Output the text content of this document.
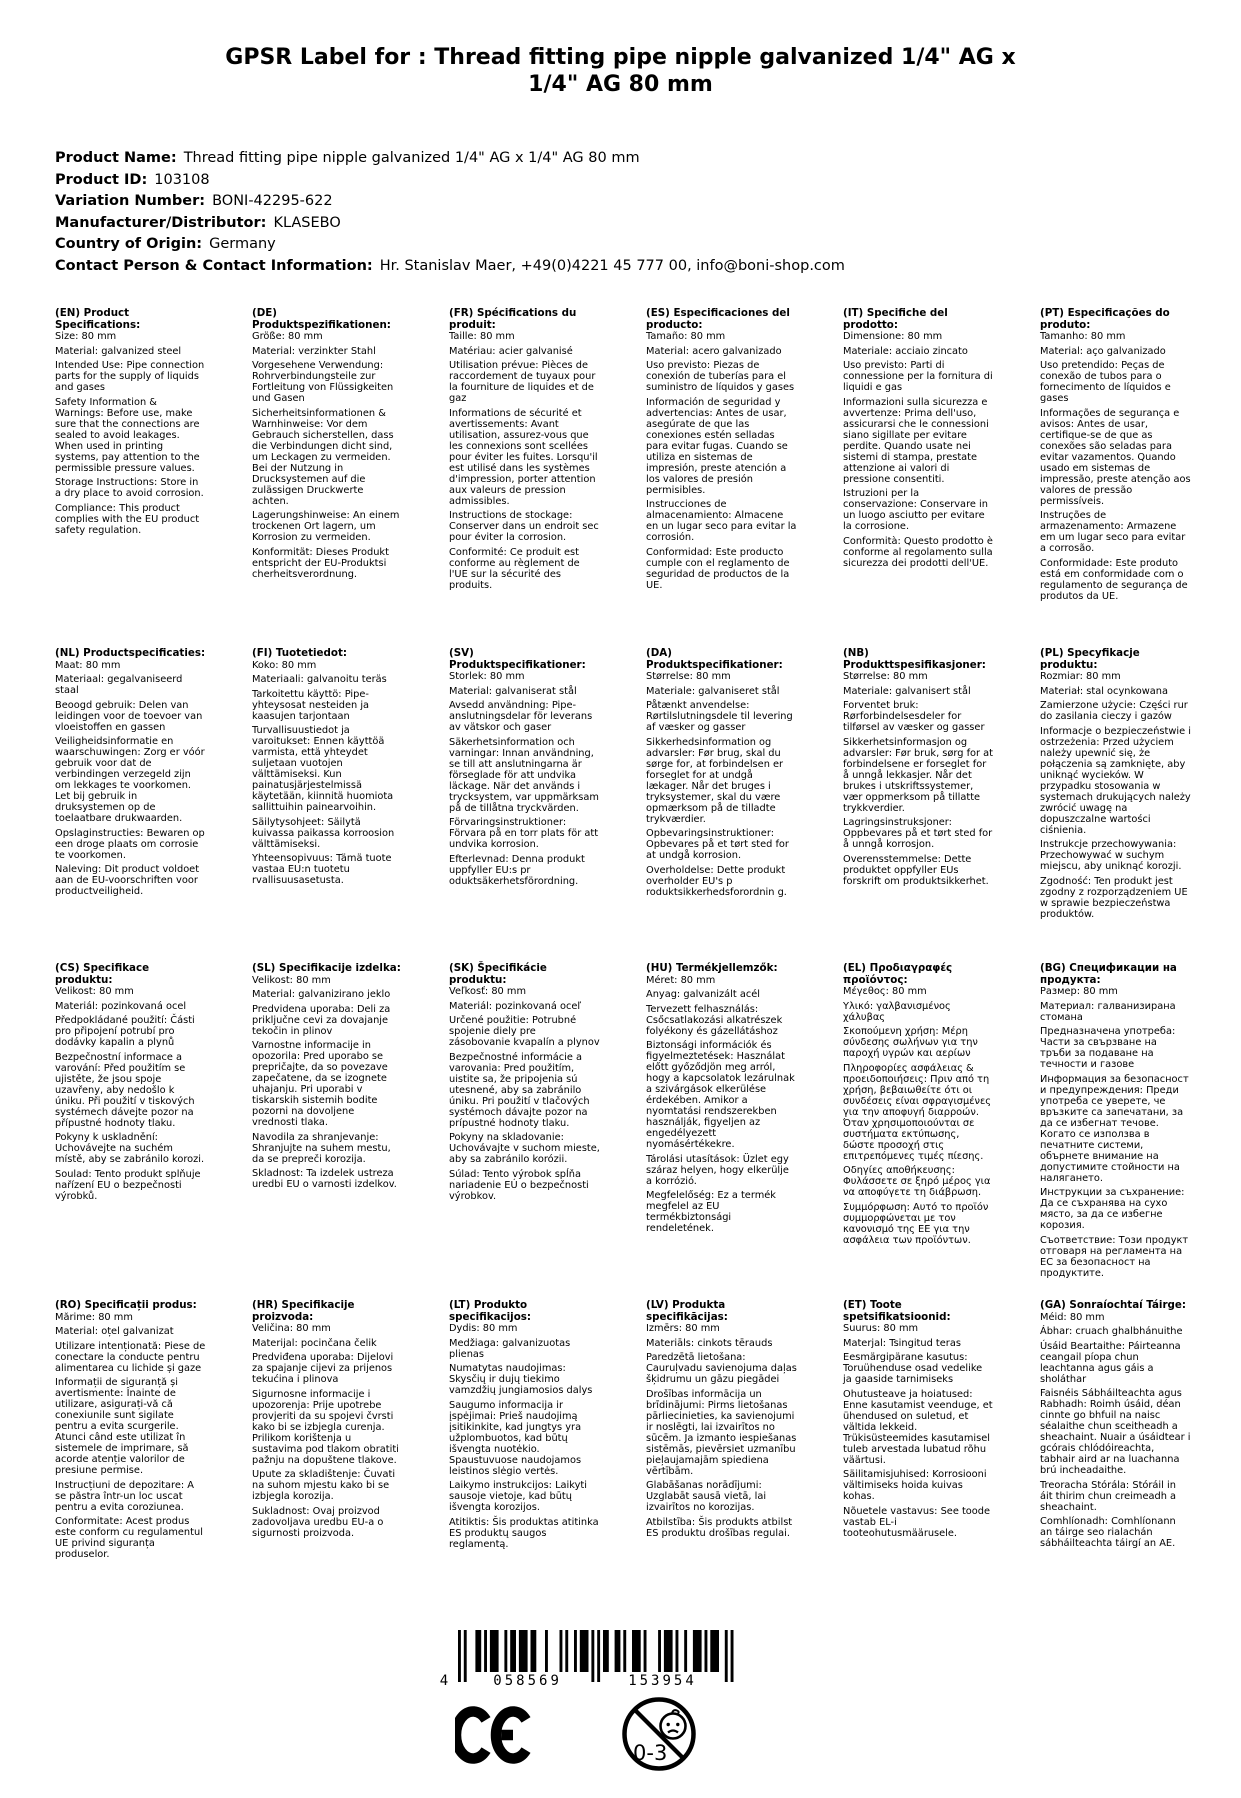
GPSR Label for : Thread fitting pipe nipple galvanized 1/4" AG x
1/4" AG 80 mm
Product Name: Thread fitting pipe nipple galvanized 1/4" AG x 1/4" AG 80 mm
Product ID: 103108
Variation Number: BONI-42295-622
Manufacturer/Distributor: KLASEBO
Country of Origin: Germany
Contact Person & Contact Information: Hr. Stanislav Maer, +49(0)4221 45 777 00, info@boni-shop.com
(EN) Product Specifications:

Size: 80 mm

Material: galvanized steel

Intended Use: Pipe connection parts for the supply of liquids and gases

Safety Information & Warnings: Before use, make sure that the connections are sealed to avoid leakages. When used in printing systems, pay attention to the permissible pressure values.

Storage Instructions: Store in a dry place to avoid corrosion.

Compliance: This product complies with the EU product safety regulation.

(DE) Produktspezifikationen:

Größe: 80 mm

Material: verzinkter Stahl

Vorgesehene Verwendung: Rohrverbindungsteile zur Fortleitung von Flüssigkeiten und Gasen

Sicherheitsinformationen & Warnhinweise: Vor dem Gebrauch sicherstellen, dass die Verbindungen dicht sind, um Leckagen zu vermeiden. Bei der Nutzung in Drucksystemen auf die zulässigen Druckwerte achten.

Lagerungshinweise: An einem trockenen Ort lagern, um Korrosion zu vermeiden.

Konformität: Dieses Produkt entspricht der EU-Produktsi cherheitsverordnung.

(FR) Spécifications du produit:

Taille: 80 mm

Matériau: acier galvanisé

Utilisation prévue: Pièces de raccordement de tuyaux pour la fourniture de liquides et de gaz

Informations de sécurité et avertissements: Avant utilisation, assurez-vous que les connexions sont scellées pour éviter les fuites. Lorsqu'il est utilisé dans les systèmes d'impression, porter attention aux valeurs de pression admissibles.

Instructions de stockage: Conserver dans un endroit sec pour éviter la corrosion.

Conformité: Ce produit est conforme au règlement de l'UE sur la sécurité des produits.

(ES) Especificaciones del producto:

Tamaño: 80 mm

Material: acero galvanizado

Uso previsto: Piezas de conexión de tuberías para el suministro de líquidos y gases

Información de seguridad y advertencias: Antes de usar, asegúrate de que las conexiones estén selladas para evitar fugas. Cuando se utiliza en sistemas de impresión, preste atención a los valores de presión permisibles.

Instrucciones de almacenamiento: Almacene en un lugar seco para evitar la corrosión.

Conformidad: Este producto cumple con el reglamento de seguridad de productos de la UE.

(IT) Specifiche del prodotto:

Dimensione: 80 mm

Materiale: acciaio zincato

Uso previsto: Parti di connessione per la fornitura di liquidi e gas

Informazioni sulla sicurezza e avvertenze: Prima dell'uso, assicurarsi che le connessioni siano sigillate per evitare perdite. Quando usate nei sistemi di stampa, prestate attenzione ai valori di pressione consentiti.

Istruzioni per la conservazione: Conservare in un luogo asciutto per evitare la corrosione.

Conformità: Questo prodotto è conforme al regolamento sulla sicurezza dei prodotti dell'UE.

(PT) Especificações do produto:

Tamanho: 80 mm

Material: aço galvanizado

Uso pretendido: Peças de conexão de tubos para o fornecimento de líquidos e gases

Informações de segurança e avisos: Antes de usar, certifique-se de que as conexões são seladas para evitar vazamentos. Quando usado em sistemas de impressão, preste atenção aos valores de pressão permissíveis.

Instruções de armazenamento: Armazene em um lugar seco para evitar a corrosão.

Conformidade: Este produto está em conformidade com o regulamento de segurança de produtos da UE.

(NL) Productspecificaties:

Maat: 80 mm

Materiaal: gegalvaniseerd staal

Beoogd gebruik: Delen van leidingen voor de toevoer van vloeistoffen en gassen

Veiligheidsinformatie en waarschuwingen: Zorg er vóór gebruik voor dat de verbindingen verzegeld zijn om lekkages te voorkomen. Let bij gebruik in druksystemen op de toelaatbare drukwaarden.

Opslaginstructies: Bewaren op een droge plaats om corrosie te voorkomen.

Naleving: Dit product voldoet aan de EU-voorschriften voor productveiligheid.

(FI) Tuotetiedot:

Koko: 80 mm

Materiaali: galvanoitu teräs

Tarkoitettu käyttö: Pipe-yhteysosat nesteiden ja kaasujen tarjontaan

Turvallisuustiedot ja varoitukset: Ennen käyttöä varmista, että yhteydet suljetaan vuotojen välttämiseksi. Kun painatusjärjestelmissä käytetään, kiinnitä huomiota sallittuihin painearvoihin.

Säilytysohjeet: Säilytä kuivassa paikassa korroosion välttämiseksi.

Yhteensopivuus: Tämä tuote vastaa EU:n tuotetu rvallisuusasetusta.

(SV) Produktspecifikationer:

Storlek: 80 mm

Material: galvaniserat stål

Avsedd användning: Pipe-anslutningsdelar för leverans av vätskor och gaser

Säkerhetsinformation och varningar: Innan användning, se till att anslutningarna är förseglade för att undvika läckage. När det används i trycksystem, var uppmärksam på de tillåtna tryckvärden.

Förvaringsinstruktioner: Förvara på en torr plats för att undvika korrosion.

Efterlevnad: Denna produkt uppfyller EU:s pr oduktsäkerhetsförordning.

(DA) Produktspecifikationer:

Størrelse: 80 mm

Materiale: galvaniseret stål

Påtænkt anvendelse: Rørtilslutningsdele til levering af væsker og gasser

Sikkerhedsinformation og advarsler: Før brug, skal du sørge for, at forbindelsen er forseglet for at undgå lækager. Når det bruges i tryksystemer, skal du være opmærksom på de tilladte trykværdier.

Opbevaringsinstruktioner: Opbevares på et tørt sted for at undgå korrosion.

Overholdelse: Dette produkt overholder EU's p roduktsikkerhedsforordnin g.

(NB) Produkttspesifikasjoner:

Størrelse: 80 mm

Materiale: galvanisert stål

Forventet bruk: Rørforbindelsesdeler for tilførsel av væsker og gasser

Sikkerhetsinformasjon og advarsler: Før bruk, sørg for at forbindelsene er forseglet for å unngå lekkasjer. Når det brukes i utskriftssystemer, vær oppmerksom på tillatte trykkverdier.

Lagringsinstruksjoner: Oppbevares på et tørt sted for å unngå korrosjon.

Overensstemmelse: Dette produktet oppfyller EUs forskrift om produktsikkerhet.

(PL) Specyfikacje produktu:

Rozmiar: 80 mm

Materiał: stal ocynkowana

Zamierzone użycie: Części rur do zasilania cieczy i gazów

Informacje o bezpieczeństwie i ostrzeżenia: Przed użyciem należy upewnić się, że połączenia są zamknięte, aby uniknąć wycieków. W przypadku stosowania w systemach drukujących należy zwrócić uwagę na dopuszczalne wartości ciśnienia.

Instrukcje przechowywania: Przechowywać w suchym miejscu, aby uniknąć korozji.

Zgodność: Ten produkt jest zgodny z rozporządzeniem UE w sprawie bezpieczeństwa produktów.

(CS) Specifikace produktu:

Velikost: 80 mm

Materiál: pozinkovaná ocel

Předpokládané použití: Části pro připojení potrubí pro dodávky kapalin a plynů

Bezpečnostní informace a varování: Před použitím se ujistěte, že jsou spoje uzavřeny, aby nedošlo k úniku. Při použití v tiskových systémech dávejte pozor na přípustné hodnoty tlaku.

Pokyny k uskladnění: Uchovávejte na suchém místě, aby se zabránilo korozi.

Soulad: Tento produkt splňuje nařízení EU o bezpečnosti výrobků.

(SL) Specifikacije izdelka:

Velikost: 80 mm

Material: galvanizirano jeklo

Predvidena uporaba: Deli za priključne cevi za dovajanje tekočin in plinov

Varnostne informacije in opozorila: Pred uporabo se prepričajte, da so povezave zapečatene, da se izognete uhajanju. Pri uporabi v tiskarskih sistemih bodite pozorni na dovoljene vrednosti tlaka.

Navodila za shranjevanje: Shranjujte na suhem mestu, da se prepreči korozija.

Skladnost: Ta izdelek ustreza uredbi EU o varnosti izdelkov.

(SK) Špecifikácie produktu:

Veľkosť: 80 mm

Materiál: pozinkovaná oceľ

Určené použitie: Potrubné spojenie diely pre zásobovanie kvapalín a plynov

Bezpečnostné informácie a varovania: Pred použitím, uistite sa, že pripojenia sú utesnené, aby sa zabránilo úniku. Pri použití v tlačových systémoch dávajte pozor na prípustné hodnoty tlaku.

Pokyny na skladovanie: Uchovávajte v suchom mieste, aby sa zabránilo korózii.

Súlad: Tento výrobok spĺňa nariadenie EÚ o bezpečnosti výrobkov.

(HU) Termékjellemzők:

Méret: 80 mm

Anyag: galvanizált acél

Tervezett felhasználás: Csőcsatlakozási alkatrészek folyékony és gázellátáshoz

Biztonsági információk és figyelmeztetések: Használat előtt győződjön meg arról, hogy a kapcsolatok lezárulnak a szivárgások elkerülése érdekében. Amikor a nyomtatási rendszerekben használják, figyeljen az engedélyezett nyomásértékekre.

Tárolási utasítások: Üzlet egy száraz helyen, hogy elkerülje a korrózió.

Megfelelőség: Ez a termék megfelel az EU termékbiztonsági rendeletének.

(EL) Προδιαγραφές προϊόντος:

Μέγεθος: 80 mm

Υλικό: γαλβανισμένος χάλυβας

Σκοπούμενη χρήση: Μέρη σύνδεσης σωλήνων για την παροχή υγρών και αερίων

Πληροφορίες ασφάλειας & προειδοποιήσεις: Πριν από τη χρήση, βεβαιωθείτε ότι οι συνδέσεις είναι σφραγισμένες για την αποφυγή διαρροών. Όταν χρησιμοποιούνται σε συστήματα εκτύπωσης, δώστε προσοχή στις επιτρεπόμενες τιμές πίεσης.

Οδηγίες αποθήκευσης: Φυλάσσετε σε ξηρό μέρος για να αποφύγετε τη διάβρωση.

Συμμόρφωση: Αυτό το προϊόν συμμορφώνεται με τον κανονισμό της ΕΕ για την ασφάλεια των προϊόντων.

(BG) Спецификации на продукта:

Размер: 80 mm

Материал: галванизирана стомана

Предназначена употреба: Части за свързване на тръби за подаване на течности и газове

Информация за безопасност и предупреждения: Преди употреба се уверете, че връзките са запечатани, за да се избегнат течове. Когато се използва в печатните системи, обърнете внимание на допустимите стойности на налягането.

Инструкции за съхранение: Да се съхранява на сухо място, за да се избегне корозия.

Съответствие: Този продукт отговаря на регламента на ЕС за безопасност на продуктите.

(RO) Specificații produs:

Mărime: 80 mm

Material: oțel galvanizat

Utilizare intenționată: Piese de conectare la conducte pentru alimentarea cu lichide și gaze

Informații de siguranță și avertismente: Înainte de utilizare, asigurați-vă că conexiunile sunt sigilate pentru a evita scurgerile. Atunci când este utilizat în sistemele de imprimare, să acorde atenție valorilor de presiune permise.

Instrucțiuni de depozitare: A se păstra într-un loc uscat pentru a evita coroziunea.

Conformitate: Acest produs este conform cu regulamentul UE privind siguranța produselor.

(HR) Specifikacije proizvoda:

Veličina: 80 mm

Materijal: pocinčana čelik

Predviđena uporaba: Dijelovi za spajanje cijevi za prijenos tekućina i plinova

Sigurnosne informacije i upozorenja: Prije upotrebe provjeriti da su spojevi čvrsti kako bi se izbjegla curenja. Prilikom korištenja u sustavima pod tlakom obratiti pažnju na dopuštene tlakove.

Upute za skladištenje: Čuvati na suhom mjestu kako bi se izbjegla korozija.

Sukladnost: Ovaj proizvod zadovoljava uredbu EU-a o sigurnosti proizvoda.

(LT) Produkto specifikacijos:

Dydis: 80 mm

Medžiaga: galvanizuotas plienas

Numatytas naudojimas: Skysčių ir dujų tiekimo vamzdžių jungiamosios dalys

Saugumo informacija ir įspėjimai: Prieš naudojimą įsitikinkite, kad jungtys yra užplombuotos, kad būtų išvengta nuotėkio. Spaustuvuose naudojamos leistinos slėgio vertės.

Laikymo instrukcijos: Laikyti sausoje vietoje, kad būtų išvengta korozijos.

Atitiktis: Šis produktas atitinka ES produktų saugos reglamentą.

(LV) Produkta specifikācijas:

Izmērs: 80 mm

Materiāls: cinkots tērauds

Paredzētā lietošana: Cauruļvadu savienojuma daļas šķidrumu un gāzu piegādei

Drošības informācija un brīdinājumi: Pirms lietošanas pārliecinieties, ka savienojumi ir noslēgti, lai izvairītos no sūcēm. Ja izmanto iespiešanas sistēmās, pievērsiet uzmanību pieļaujamajām spiediena vērtībām.

Glabāšanas norādījumi: Uzglabāt sausā vietā, lai izvairītos no korozijas.

Atbilstība: Šis produkts atbilst ES produktu drošības regulai.

(ET) Toote spetsifikatsioonid:

Suurus: 80 mm

Materjal: Tsingitud teras

Eesmärgipärane kasutus: Toruühenduse osad vedelike ja gaaside tarnimiseks

Ohutusteave ja hoiatused: Enne kasutamist veenduge, et ühendused on suletud, et vältida lekkeid. Trükisüsteemides kasutamisel tuleb arvestada lubatud rõhu väärtusi.

Säilitamisjuhised: Korrosiooni vältimiseks hoida kuivas kohas.

Nõuetele vastavus: See toode vastab EL-i tooteohutusmäärusele.

(GA) Sonraíochtaí Táirge:

Méid: 80 mm

Ábhar: cruach ghalbhánuithe

Úsáid Beartaithe: Páirteanna ceangail píopa chun leachtanna agus gáis a sholáthar

Faisnéis Sábháilteachta agus Rabhadh: Roimh úsáid, déan cinnte go bhfuil na naisc séalaithe chun sceitheadh a sheachaint. Nuair a úsáidtear i gcórais chlódóireachta, tabhair aird ar na luachanna brú incheadaithe.

Treoracha Stórála: Stóráil in áit thirim chun creimeadh a sheachaint.

Comhlíonadh: Comhlíonann an táirge seo rialachán sábháilteachta táirgí an AE.

4	058569	153954
0-3
